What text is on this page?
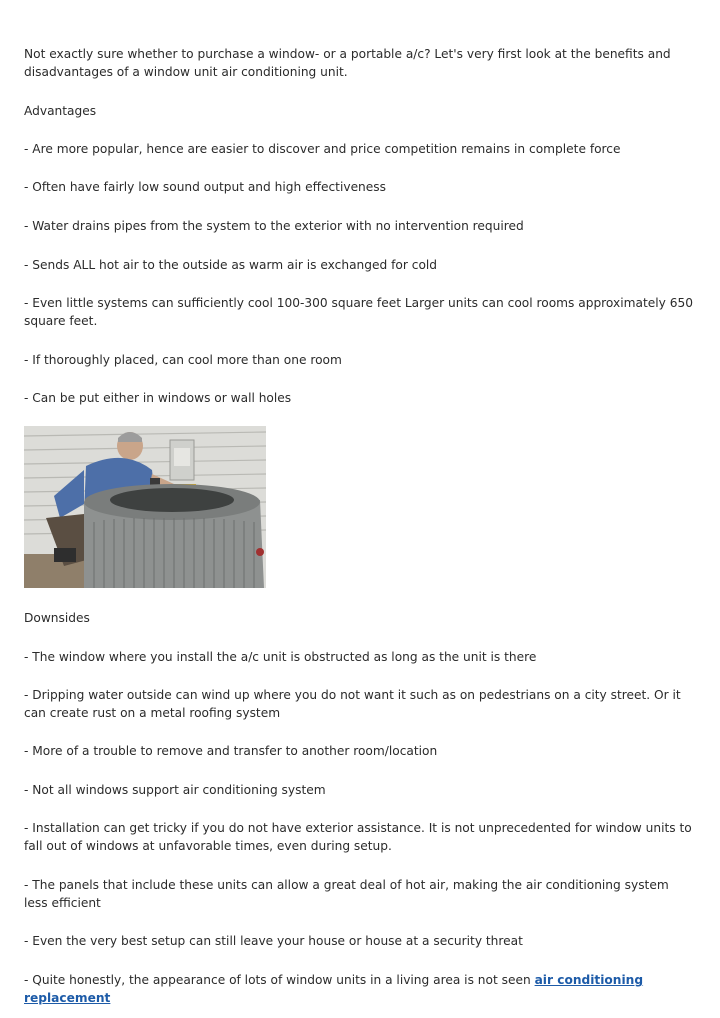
Not exactly sure whether to purchase a window- or a portable a/c? Let's very first look at the benefits and disadvantages of a window unit air conditioning unit.

Advantages

- Are more popular, hence are easier to discover and price competition remains in complete force

- Often have fairly low sound output and high effectiveness

- Water drains pipes from the system to the exterior with no intervention required

- Sends ALL hot air to the outside as warm air is exchanged for cold

- Even little systems can sufficiently cool 100-300 square feet Larger units can cool rooms approximately 650 square feet.

- If thoroughly placed, can cool more than one room

- Can be put either in windows or wall holes

Downsides

- The window where you install the a/c unit is obstructed as long as the unit is there

- Dripping water outside can wind up where you do not want it such as on pedestrians on a city street. Or it can create rust on a metal roofing system

- More of a trouble to remove and transfer to another room/location

- Not all windows support air conditioning system

- Installation can get tricky if you do not have exterior assistance. It is not unprecedented for window units to fall out of windows at unfavorable times, even during setup.

- The panels that include these units can allow a great deal of hot air, making the air conditioning system less efficient

- Even the very best setup can still leave your house or house at a security threat

- Quite honestly, the appearance of lots of window units in a living area is not seen air conditioning replacement
